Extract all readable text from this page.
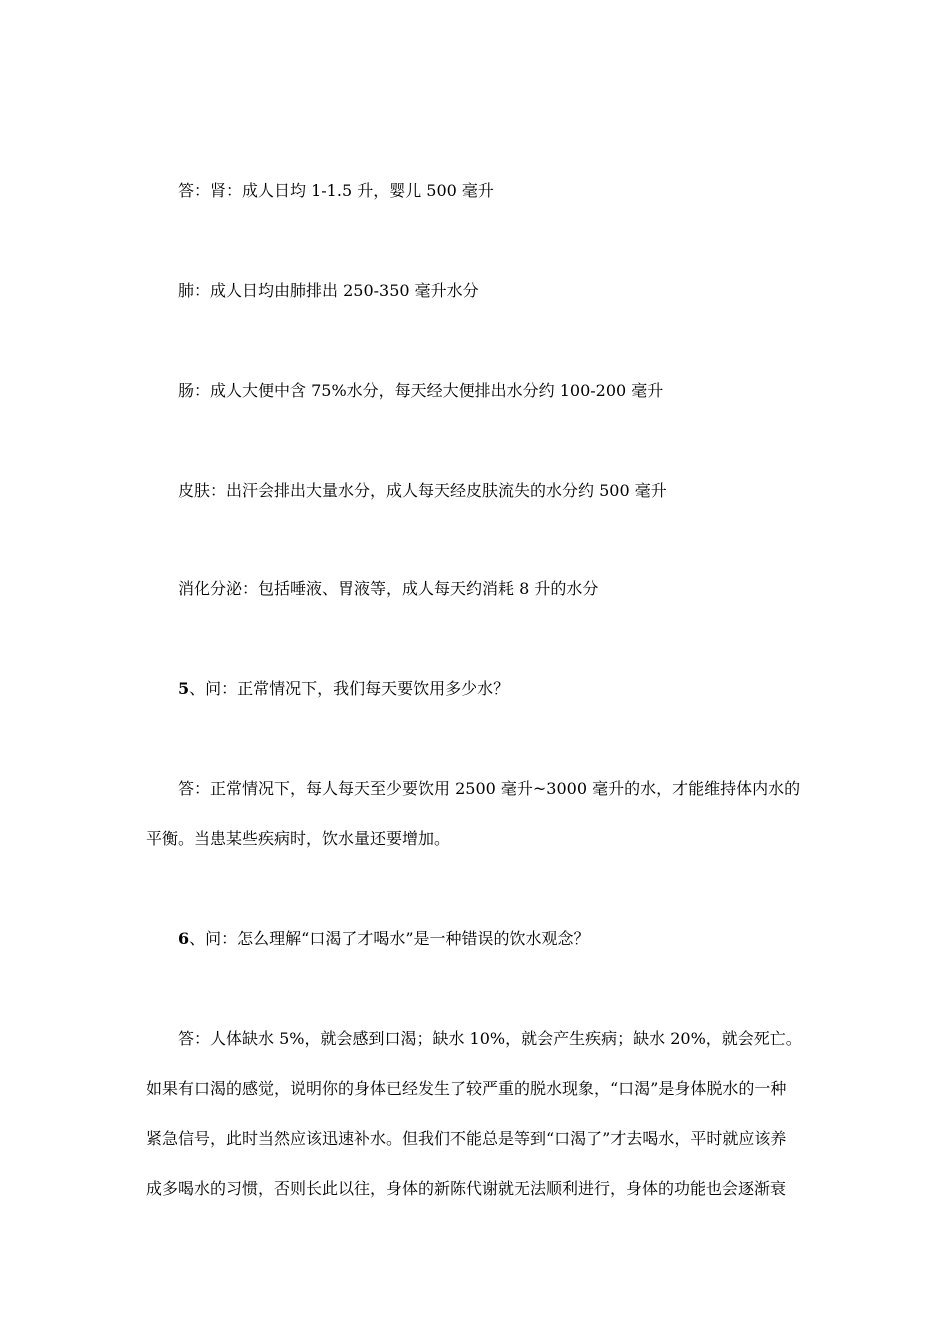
答：肾：成人日均 1-1.5 升，婴儿 500 毫升
肺：成人日均由肺排出 250-350 毫升水分
肠：成人大便中含 75%水分，每天经大便排出水分约 100-200 毫升
皮肤：出汗会排出大量水分，成人每天经皮肤流失的水分约 500 毫升
消化分泌：包括唾液、胃液等，成人每天约消耗 8 升的水分
5、问：正常情况下，我们每天要饮用多少水？
答：正常情况下，每人每天至少要饮用 2500 毫升~3000 毫升的水，才能维持体内水的
平衡。当患某些疾病时，饮水量还要增加。
6、问：怎么理解“口渴了才喝水”是一种错误的饮水观念？
答：人体缺水 5%，就会感到口渴；缺水 10%，就会产生疾病；缺水 20%，就会死亡。
如果有口渴的感觉，说明你的身体已经发生了较严重的脱水现象，“口渴”是身体脱水的一种
紧急信号，此时当然应该迅速补水。但我们不能总是等到“口渴了”才去喝水，平时就应该养
成多喝水的习惯，否则长此以往，身体的新陈代谢就无法顺利进行，身体的功能也会逐渐衰
